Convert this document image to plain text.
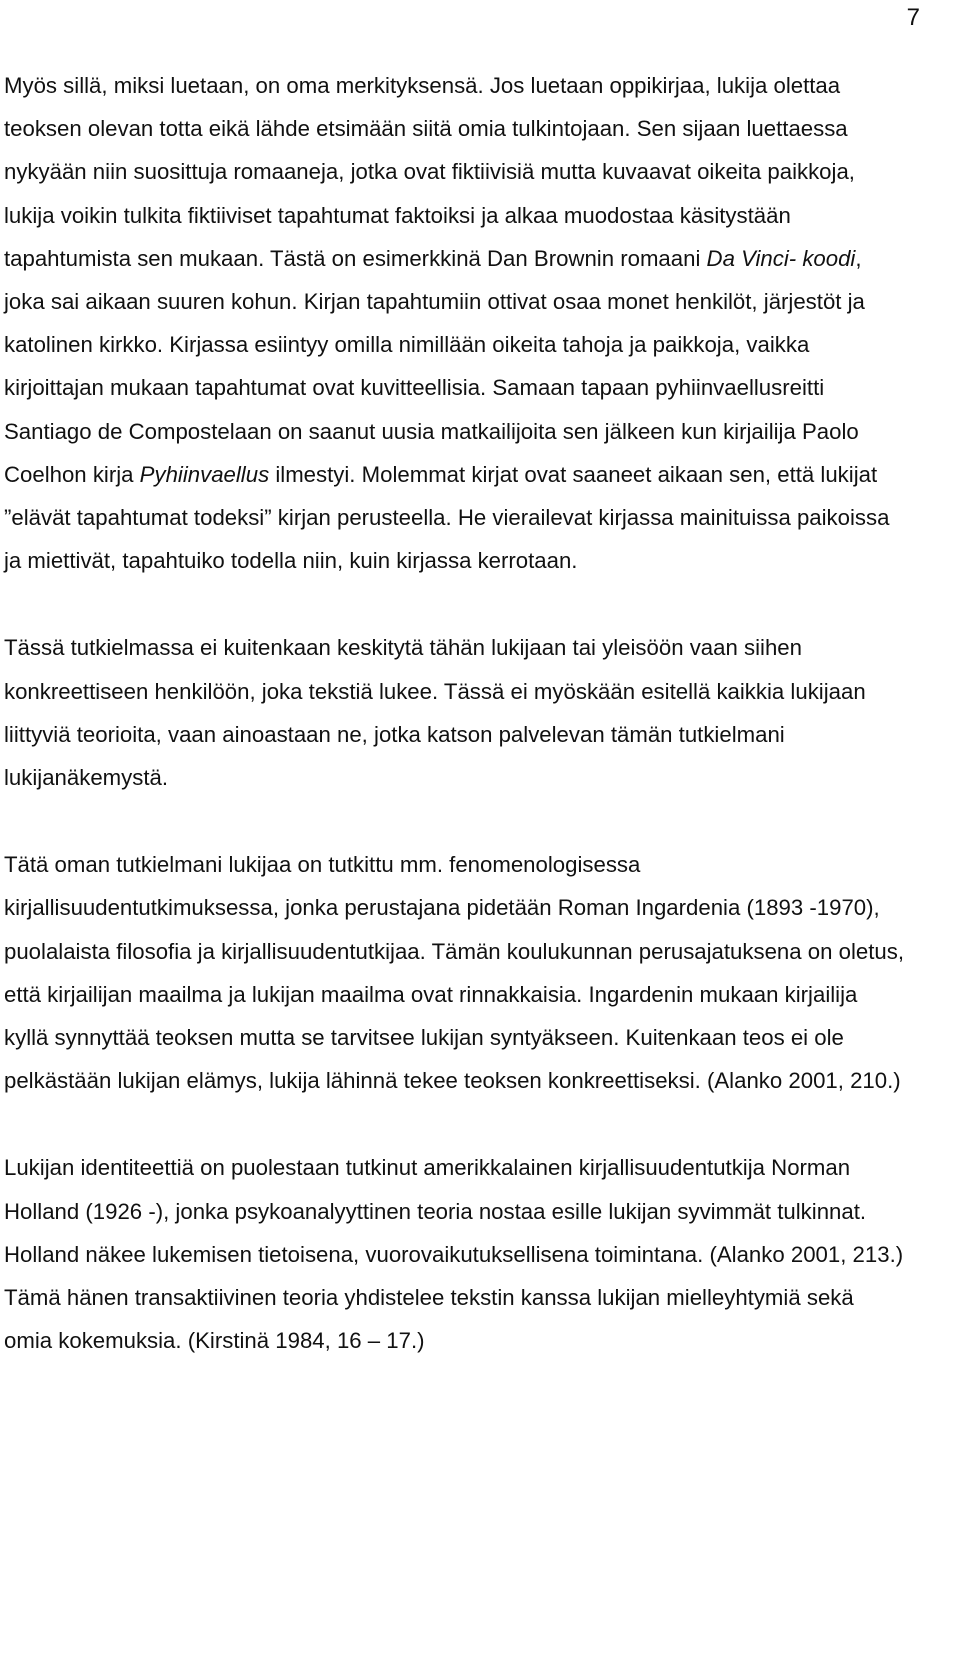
7

Myös sillä, miksi luetaan, on oma merkityksensä. Jos luetaan oppikirjaa, lukija olettaa teoksen olevan totta eikä lähde etsimään siitä omia tulkintojaan. Sen sijaan luettaessa nykyään niin suosittuja romaaneja, jotka ovat fiktiivisiä mutta kuvaavat oikeita paikkoja, lukija voikin tulkita fiktiiviset tapahtumat faktoiksi ja alkaa muodostaa käsitystään tapahtumista sen mukaan. Tästä on esimerkkinä Dan Brownin romaani Da Vinci- koodi, joka sai aikaan suuren kohun. Kirjan tapahtumiin ottivat osaa monet henkilöt, järjestöt ja katolinen kirkko. Kirjassa esiintyy omilla nimillään oikeita tahoja ja paikkoja, vaikka kirjoittajan mukaan tapahtumat ovat kuvitteellisia. Samaan tapaan pyhiinvaellusreitti Santiago de Compostelaan on saanut uusia matkailijoita sen jälkeen kun kirjailija Paolo Coelhon kirja Pyhiinvaellus ilmestyi. Molemmat kirjat ovat saaneet aikaan sen, että lukijat ”elävät tapahtumat todeksi” kirjan perusteella. He vierailevat kirjassa mainituissa paikoissa ja miettivät, tapahtuiko todella niin, kuin kirjassa kerrotaan.

Tässä tutkielmassa ei kuitenkaan keskitytä tähän lukijaan tai yleisöön vaan siihen konkreettiseen henkilöön, joka tekstiä lukee. Tässä ei myöskään esitellä kaikkia lukijaan liittyviä teorioita, vaan ainoastaan ne, jotka katson palvelevan tämän tutkielmani lukijanäkemystä.

Tätä oman tutkielmani lukijaa on tutkittu mm. fenomenologisessa kirjallisuudentutkimuksessa, jonka perustajana pidetään Roman Ingardenia (1893 -1970), puolalaista filosofia ja kirjallisuudentutkijaa. Tämän koulukunnan perusajatuksena on oletus, että kirjailijan maailma ja lukijan maailma ovat rinnakkaisia. Ingardenin mukaan kirjailija kyllä synnyttää teoksen mutta se tarvitsee lukijan syntyäkseen. Kuitenkaan teos ei ole pelkästään lukijan elämys, lukija lähinnä tekee teoksen konkreettiseksi. (Alanko 2001, 210.)

Lukijan identiteettiä on puolestaan tutkinut amerikkalainen kirjallisuudentutkija Norman Holland (1926 -), jonka psykoanalyyttinen teoria nostaa esille lukijan syvimmät tulkinnat. Holland näkee lukemisen tietoisena, vuorovaikutuksellisena toimintana. (Alanko 2001, 213.) Tämä hänen transaktiivinen teoria yhdistelee tekstin kanssa lukijan mielleyhtymiä sekä omia kokemuksia. (Kirstinä 1984, 16 – 17.)
